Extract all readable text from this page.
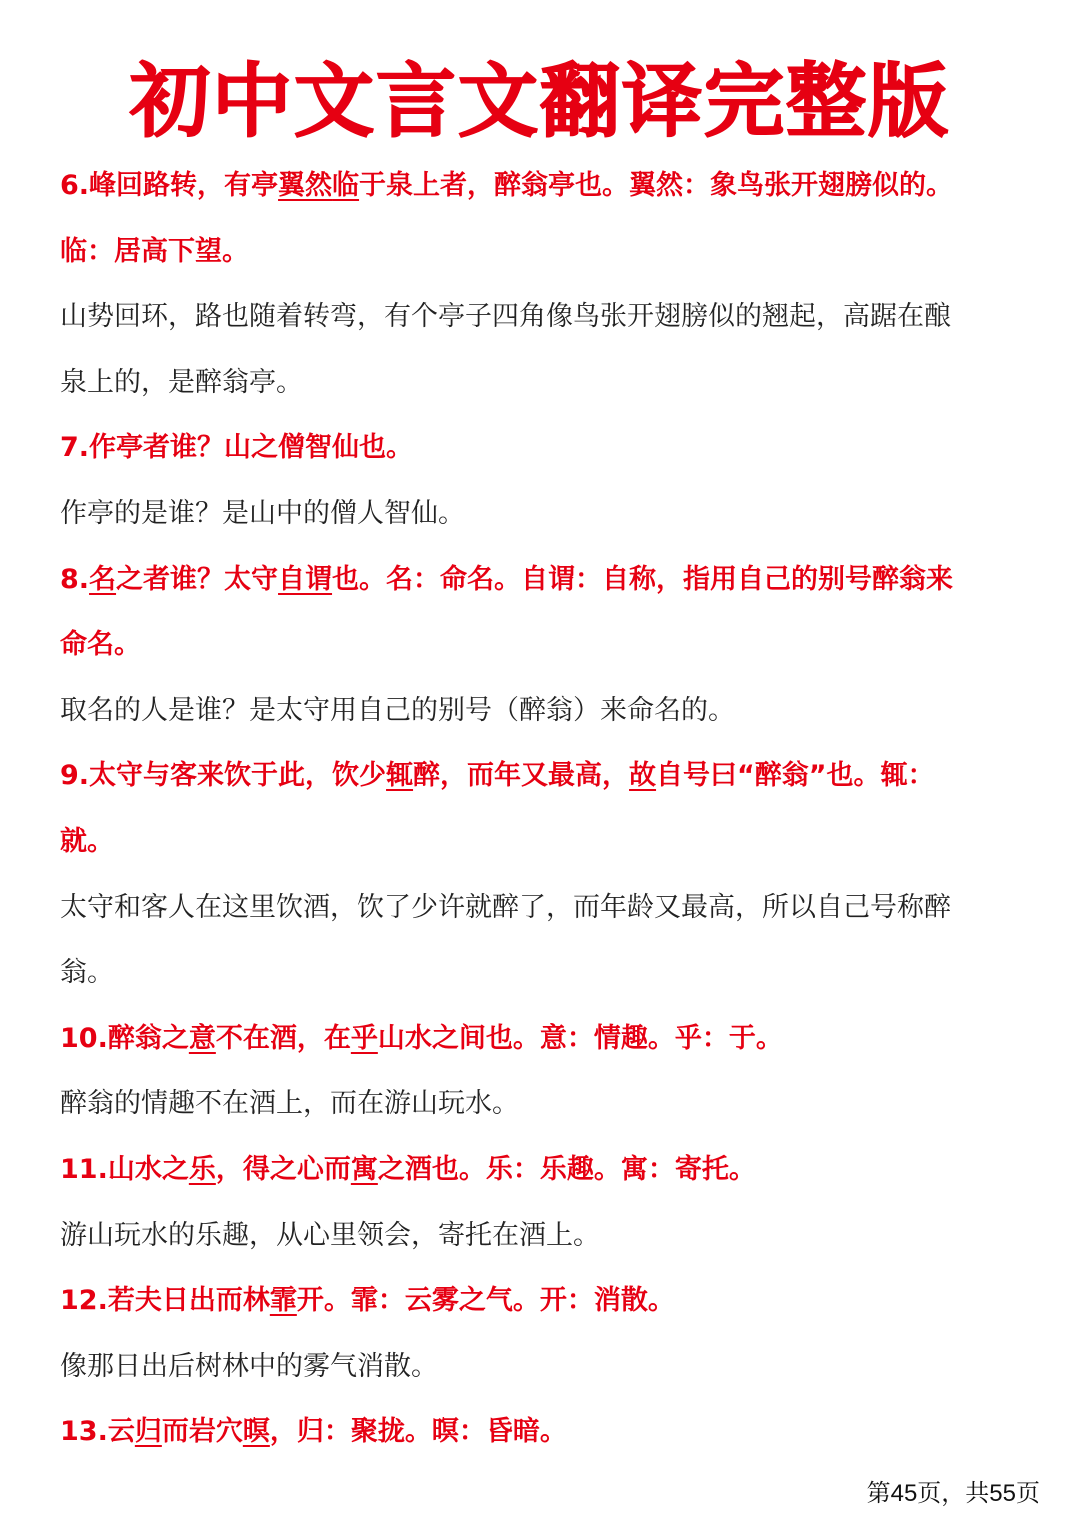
初中文言文翻译完整版
6.峰回路转，有亭翼然临于泉上者，醉翁亭也。翼然：象鸟张开翅膀似的。
临：居高下望。
山势回环，路也随着转弯，有个亭子四角像鸟张开翅膀似的翘起，高踞在酿
泉上的，是醉翁亭。
7.作亭者谁？山之僧智仙也。
作亭的是谁？是山中的僧人智仙。
8.名之者谁？太守自谓也。名：命名。自谓：自称，指用自己的别号醉翁来
命名。
取名的人是谁？是太守用自己的别号（醉翁）来命名的。
9.太守与客来饮于此，饮少辄醉，而年又最高，故自号曰“醉翁”也。辄：
就。
太守和客人在这里饮酒，饮了少许就醉了，而年龄又最高，所以自己号称醉
翁。
10.醉翁之意不在酒，在乎山水之间也。意：情趣。乎：于。
醉翁的情趣不在酒上，而在游山玩水。
11.山水之乐，得之心而寓之酒也。乐：乐趣。寓：寄托。
游山玩水的乐趣，从心里领会，寄托在酒上。
12.若夫日出而林霏开。霏：云雾之气。开：消散。
像那日出后树林中的雾气消散。
13.云归而岩穴暝，归：聚拢。暝：昏暗。
第45页，共55页
